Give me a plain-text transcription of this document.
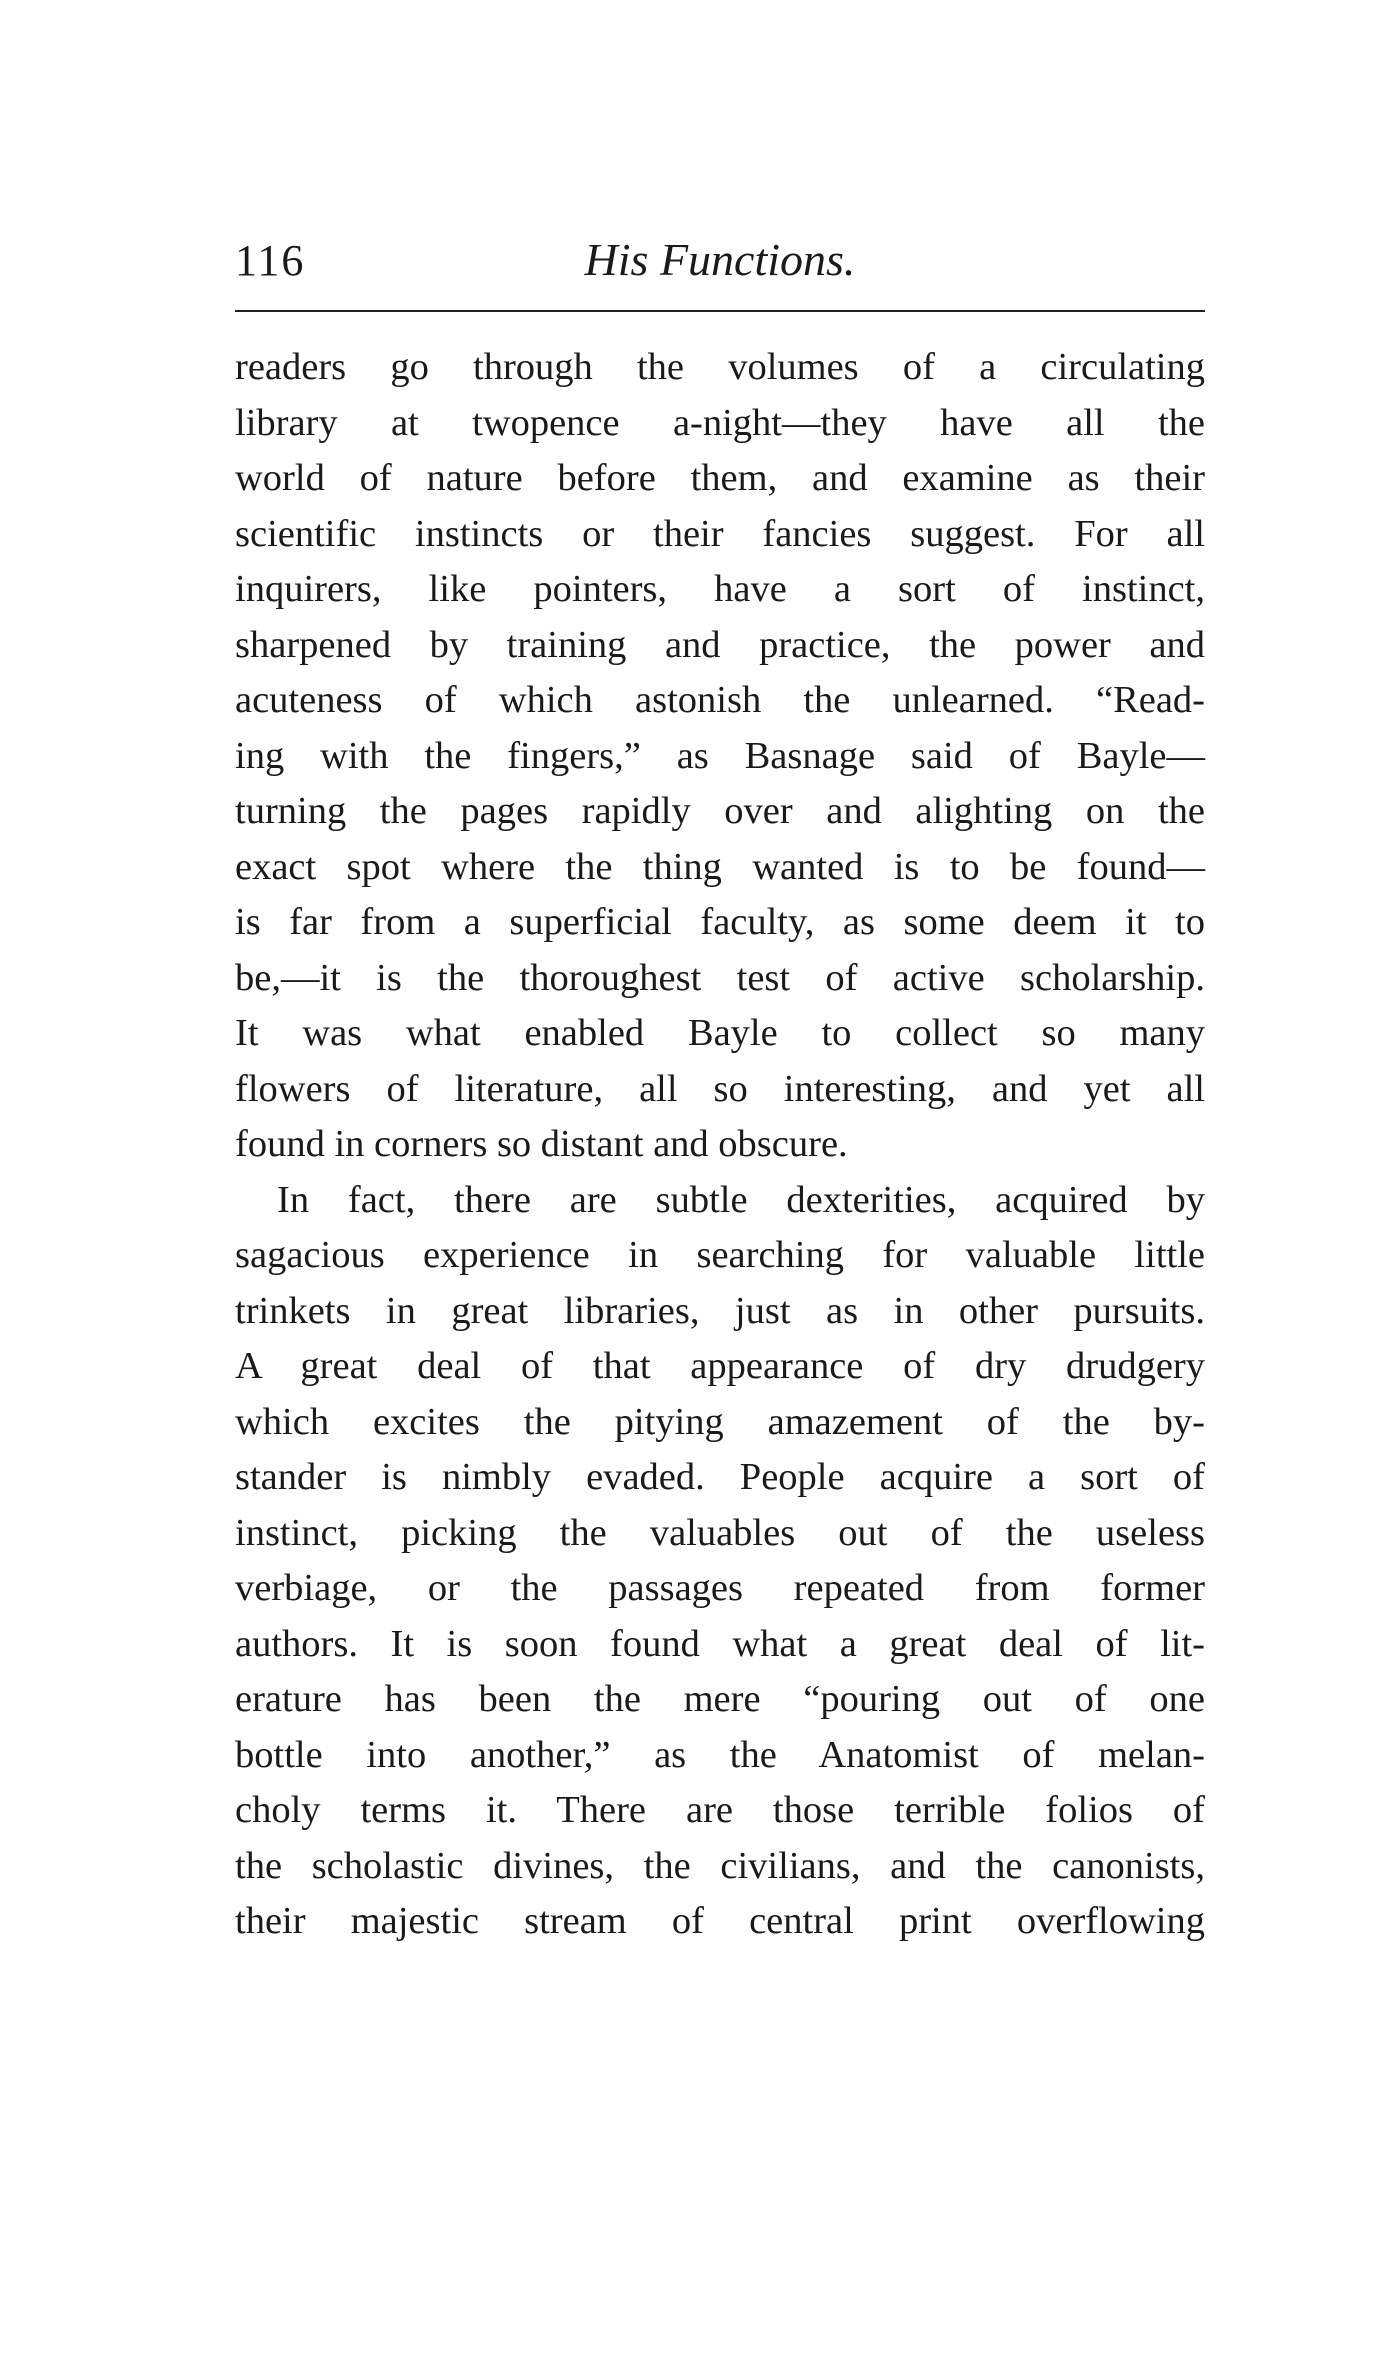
116	His Functions.
readers go through the volumes of a circulating
library at twopence a-night—they have all the
world of nature before them, and examine as their
scientific instincts or their fancies suggest. For all
inquirers, like pointers, have a sort of instinct,
sharpened by training and practice, the power and
acuteness of which astonish the unlearned. “Read-
ing with the fingers,” as Basnage said of Bayle—
turning the pages rapidly over and alighting on the
exact spot where the thing wanted is to be found—
is far from a superficial faculty, as some deem it to
be,—it is the thoroughest test of active scholarship.
It was what enabled Bayle to collect so many
flowers of literature, all so interesting, and yet all
found in corners so distant and obscure.
In fact, there are subtle dexterities, acquired by
sagacious experience in searching for valuable little
trinkets in great libraries, just as in other pursuits.
A great deal of that appearance of dry drudgery
which excites the pitying amazement of the by-
stander is nimbly evaded. People acquire a sort of
instinct, picking the valuables out of the useless
verbiage, or the passages repeated from former
authors. It is soon found what a great deal of lit-
erature has been the mere “pouring out of one
bottle into another,” as the Anatomist of melan-
choly terms it. There are those terrible folios of
the scholastic divines, the civilians, and the canonists,
their majestic stream of central print overflowing
